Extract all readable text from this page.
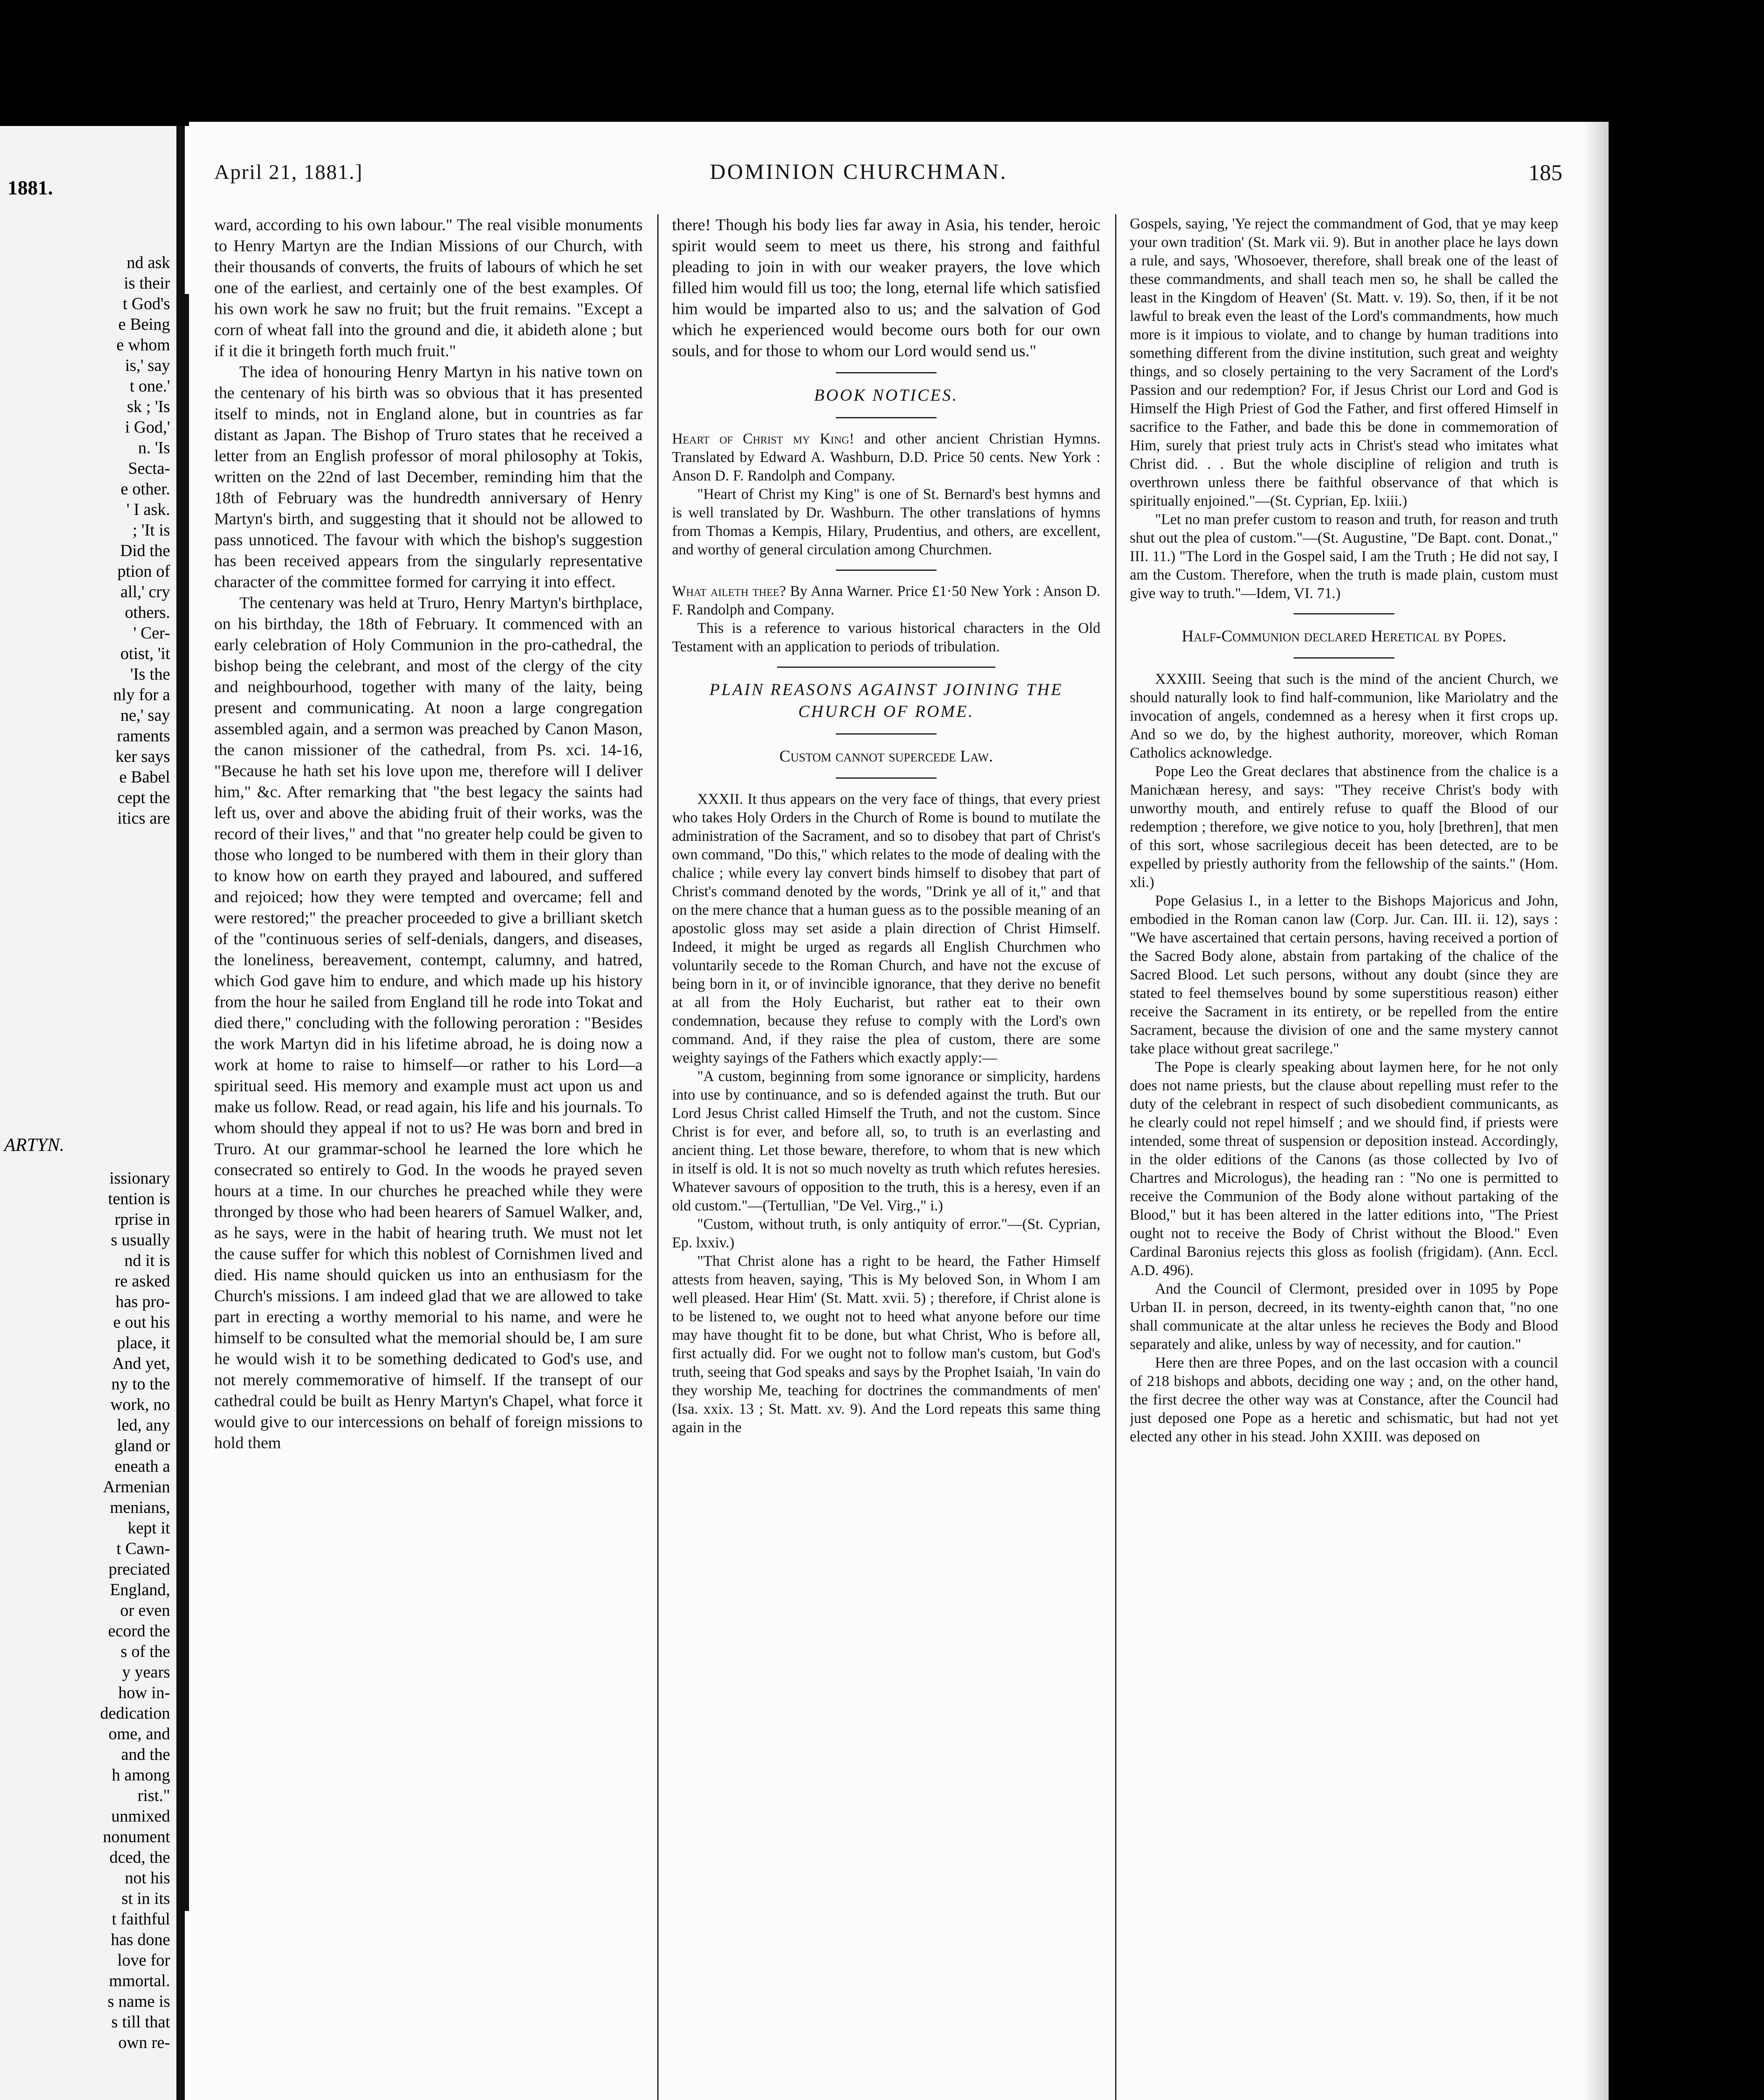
1881.
nd ask
is their
t God's
e Being
e whom
is,' say
t one.'
sk ; 'Is
i God,'
n. 'Is
Secta-
e other.
' I ask.
; 'It is
Did the
ption of
all,' cry
others.
' Cer-
otist, 'it
'Is the
nly for a
ne,' say
raments
ker says
e Babel
cept the
itics are
ARTYN.
issionary
tention is
rprise in
s usually
nd it is
re asked
has pro-
e out his
place, it
And yet,
ny to the
work, no
led, any
gland or
eneath a
Armenian
menians,
kept it
t Cawn-
preciated
England,
or even
ecord the
s of the
y years
how in-
dedication
ome, and
and the
h among
rist."
unmixed
nonument
dced, the
not his
st in its
t faithful
has done
love for
mmortal.
s name is
s till that
own re-
April 21, 1881.]	DOMINION CHURCHMAN.	185

ward, according to his own labour." The real visible monuments to Henry Martyn are the Indian Missions of our Church, with their thousands of converts, the fruits of labours of which he set one of the earliest, and certainly one of the best examples. Of his own work he saw no fruit; but the fruit remains. "Except a corn of wheat fall into the ground and die, it abideth alone ; but if it die it bringeth forth much fruit."

The idea of honouring Henry Martyn in his native town on the centenary of his birth was so obvious that it has presented itself to minds, not in England alone, but in countries as far distant as Japan. The Bishop of Truro states that he received a letter from an English professor of moral philosophy at Tokis, written on the 22nd of last December, reminding him that the 18th of February was the hundredth anniversary of Henry Martyn's birth, and suggesting that it should not be allowed to pass unnoticed. The favour with which the bishop's suggestion has been received appears from the singularly representative character of the committee formed for carrying it into effect.

The centenary was held at Truro, Henry Martyn's birthplace, on his birthday, the 18th of February. It commenced with an early celebration of Holy Communion in the pro-cathedral, the bishop being the celebrant, and most of the clergy of the city and neighbourhood, together with many of the laity, being present and communicating. At noon a large congregation assembled again, and a sermon was preached by Canon Mason, the canon missioner of the cathedral, from Ps. xci. 14-16, "Because he hath set his love upon me, therefore will I deliver him," &c. After remarking that "the best legacy the saints had left us, over and above the abiding fruit of their works, was the record of their lives," and that "no greater help could be given to those who longed to be numbered with them in their glory than to know how on earth they prayed and laboured, and suffered and rejoiced; how they were tempted and overcame; fell and were restored;" the preacher proceeded to give a brilliant sketch of the "continuous series of self-denials, dangers, and diseases, the loneliness, bereavement, contempt, calumny, and hatred, which God gave him to endure, and which made up his history from the hour he sailed from England till he rode into Tokat and died there," concluding with the following peroration : "Besides the work Martyn did in his lifetime abroad, he is doing now a work at home to raise to himself—or rather to his Lord—a spiritual seed. His memory and example must act upon us and make us follow. Read, or read again, his life and his journals. To whom should they appeal if not to us? He was born and bred in Truro. At our grammar-school he learned the lore which he consecrated so entirely to God. In the woods he prayed seven hours at a time. In our churches he preached while they were thronged by those who had been hearers of Samuel Walker, and, as he says, were in the habit of hearing truth. We must not let the cause suffer for which this noblest of Cornishmen lived and died. His name should quicken us into an enthusiasm for the Church's missions. I am indeed glad that we are allowed to take part in erecting a worthy memorial to his name, and were he himself to be consulted what the memorial should be, I am sure he would wish it to be something dedicated to God's use, and not merely commemorative of himself. If the transept of our cathedral could be built as Henry Martyn's Chapel, what force it would give to our intercessions on behalf of foreign missions to hold them

there! Though his body lies far away in Asia, his tender, heroic spirit would seem to meet us there, his strong and faithful pleading to join in with our weaker prayers, the love which filled him would fill us too; the long, eternal life which satisfied him would be imparted also to us; and the salvation of God which he experienced would become ours both for our own souls, and for those to whom our Lord would send us."

BOOK NOTICES.

Heart of Christ my King! and other ancient Christian Hymns. Translated by Edward A. Washburn, D.D. Price 50 cents. New York : Anson D. F. Randolph and Company.

"Heart of Christ my King" is one of St. Bernard's best hymns and is well translated by Dr. Washburn. The other translations of hymns from Thomas a Kempis, Hilary, Prudentius, and others, are excellent, and worthy of general circulation among Churchmen.

What aileth thee? By Anna Warner. Price £1·50 New York : Anson D. F. Randolph and Company.

This is a reference to various historical characters in the Old Testament with an application to periods of tribulation.

PLAIN REASONS AGAINST JOINING THE CHURCH OF ROME.
Custom cannot supercede Law.

XXXII. It thus appears on the very face of things, that every priest who takes Holy Orders in the Church of Rome is bound to mutilate the administration of the Sacrament, and so to disobey that part of Christ's own command, "Do this," which relates to the mode of dealing with the chalice ; while every lay convert binds himself to disobey that part of Christ's command denoted by the words, "Drink ye all of it," and that on the mere chance that a human guess as to the possible meaning of an apostolic gloss may set aside a plain direction of Christ Himself. Indeed, it might be urged as regards all English Churchmen who voluntarily secede to the Roman Church, and have not the excuse of being born in it, or of invincible ignorance, that they derive no benefit at all from the Holy Eucharist, but rather eat to their own condemnation, because they refuse to comply with the Lord's own command. And, if they raise the plea of custom, there are some weighty sayings of the Fathers which exactly apply:—

"A custom, beginning from some ignorance or simplicity, hardens into use by continuance, and so is defended against the truth. But our Lord Jesus Christ called Himself the Truth, and not the custom. Since Christ is for ever, and before all, so, to truth is an everlasting and ancient thing. Let those beware, therefore, to whom that is new which in itself is old. It is not so much novelty as truth which refutes heresies. Whatever savours of opposition to the truth, this is a heresy, even if an old custom."—(Tertullian, "De Vel. Virg.," i.)

"Custom, without truth, is only antiquity of error."—(St. Cyprian, Ep. lxxiv.)

"That Christ alone has a right to be heard, the Father Himself attests from heaven, saying, 'This is My beloved Son, in Whom I am well pleased. Hear Him' (St. Matt. xvii. 5) ; therefore, if Christ alone is to be listened to, we ought not to heed what anyone before our time may have thought fit to be done, but what Christ, Who is before all, first actually did. For we ought not to follow man's custom, but God's truth, seeing that God speaks and says by the Prophet Isaiah, 'In vain do they worship Me, teaching for doctrines the commandments of men' (Isa. xxix. 13 ; St. Matt. xv. 9). And the Lord repeats this same thing again in the

Gospels, saying, 'Ye reject the commandment of God, that ye may keep your own tradition' (St. Mark vii. 9). But in another place he lays down a rule, and says, 'Whosoever, therefore, shall break one of the least of these commandments, and shall teach men so, he shall be called the least in the Kingdom of Heaven' (St. Matt. v. 19). So, then, if it be not lawful to break even the least of the Lord's commandments, how much more is it impious to violate, and to change by human traditions into something different from the divine institution, such great and weighty things, and so closely pertaining to the very Sacrament of the Lord's Passion and our redemption? For, if Jesus Christ our Lord and God is Himself the High Priest of God the Father, and first offered Himself in sacrifice to the Father, and bade this be done in commemoration of Him, surely that priest truly acts in Christ's stead who imitates what Christ did. . . But the whole discipline of religion and truth is overthrown unless there be faithful observance of that which is spiritually enjoined."—(St. Cyprian, Ep. lxiii.)

"Let no man prefer custom to reason and truth, for reason and truth shut out the plea of custom."—(St. Augustine, "De Bapt. cont. Donat.," III. 11.) "The Lord in the Gospel said, I am the Truth ; He did not say, I am the Custom. Therefore, when the truth is made plain, custom must give way to truth."—Idem, VI. 71.)

Half-Communion declared Heretical by Popes.

XXXIII. Seeing that such is the mind of the ancient Church, we should naturally look to find half-communion, like Mariolatry and the invocation of angels, condemned as a heresy when it first crops up. And so we do, by the highest authority, moreover, which Roman Catholics acknowledge.

Pope Leo the Great declares that abstinence from the chalice is a Manichæan heresy, and says: "They receive Christ's body with unworthy mouth, and entirely refuse to quaff the Blood of our redemption ; therefore, we give notice to you, holy [brethren], that men of this sort, whose sacrilegious deceit has been detected, are to be expelled by priestly authority from the fellowship of the saints." (Hom. xli.)

Pope Gelasius I., in a letter to the Bishops Majoricus and John, embodied in the Roman canon law (Corp. Jur. Can. III. ii. 12), says : "We have ascertained that certain persons, having received a portion of the Sacred Body alone, abstain from partaking of the chalice of the Sacred Blood. Let such persons, without any doubt (since they are stated to feel themselves bound by some superstitious reason) either receive the Sacrament in its entirety, or be repelled from the entire Sacrament, because the division of one and the same mystery cannot take place without great sacrilege."

The Pope is clearly speaking about laymen here, for he not only does not name priests, but the clause about repelling must refer to the duty of the celebrant in respect of such disobedient communicants, as he clearly could not repel himself ; and we should find, if priests were intended, some threat of suspension or deposition instead. Accordingly, in the older editions of the Canons (as those collected by Ivo of Chartres and Micrologus), the heading ran : "No one is permitted to receive the Communion of the Body alone without partaking of the Blood," but it has been altered in the latter editions into, "The Priest ought not to receive the Body of Christ without the Blood." Even Cardinal Baronius rejects this gloss as foolish (frigidam). (Ann. Eccl. A.D. 496).

And the Council of Clermont, presided over in 1095 by Pope Urban II. in person, decreed, in its twenty-eighth canon that, "no one shall communicate at the altar unless he recieves the Body and Blood separately and alike, unless by way of necessity, and for caution."

Here then are three Popes, and on the last occasion with a council of 218 bishops and abbots, deciding one way ; and, on the other hand, the first decree the other way was at Constance, after the Council had just deposed one Pope as a heretic and schismatic, but had not yet elected any other in his stead. John XXIII. was deposed on
